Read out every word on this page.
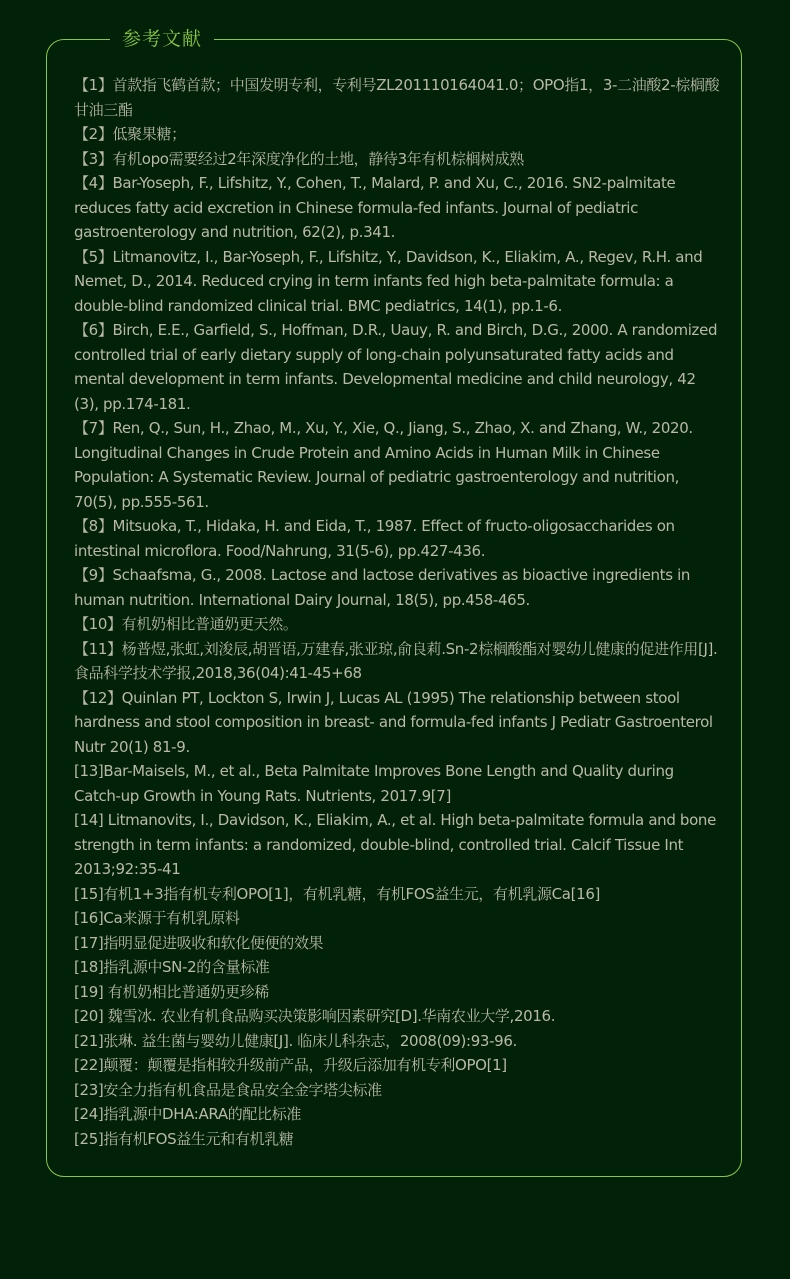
参考文献
【1】首款指飞鹤首款；中国发明专利，专利号ZL201110164041.0；OPO指1，3-二油酸2-棕榈酸甘油三酯
【2】低聚果糖；
【3】有机opo需要经过2年深度净化的土地，静待3年有机棕榈树成熟
【4】Bar-Yoseph, F., Lifshitz, Y., Cohen, T., Malard, P. and Xu, C., 2016. SN2-palmitate reduces fatty acid excretion in Chinese formula-fed infants. Journal of pediatric gastroenterology and nutrition, 62(2), p.341.
【5】Litmanovitz, I., Bar-Yoseph, F., Lifshitz, Y., Davidson, K., Eliakim, A., Regev, R.H. and Nemet, D., 2014. Reduced crying in term infants fed high beta-palmitate formula: a double-blind randomized clinical trial. BMC pediatrics, 14(1), pp.1-6.
【6】Birch, E.E., Garfield, S., Hoffman, D.R., Uauy, R. and Birch, D.G., 2000. A randomized controlled trial of early dietary supply of long-chain polyunsaturated fatty acids and mental development in term infants. Developmental medicine and child neurology, 42 (3), pp.174-181.
【7】Ren, Q., Sun, H., Zhao, M., Xu, Y., Xie, Q., Jiang, S., Zhao, X. and Zhang, W., 2020. Longitudinal Changes in Crude Protein and Amino Acids in Human Milk in Chinese Population: A Systematic Review. Journal of pediatric gastroenterology and nutrition, 70(5), pp.555-561.
【8】Mitsuoka, T., Hidaka, H. and Eida, T., 1987. Effect of fructo‐oligosaccharides on intestinal microflora. Food/Nahrung, 31(5‐6), pp.427-436.
【9】Schaafsma, G., 2008. Lactose and lactose derivatives as bioactive ingredients in human nutrition. International Dairy Journal, 18(5), pp.458-465.
【10】有机奶相比普通奶更天然。
【11】杨普煜,张虹,刘浚辰,胡晋语,万建春,张亚琼,俞良莉.Sn-2棕榈酸酯对婴幼儿健康的促进作用[J].食品科学技术学报,2018,36(04):41-45+68
【12】Quinlan PT, Lockton S, Irwin J, Lucas AL (1995) The relationship between stool hardness and stool composition in breast- and formula-fed infants J Pediatr Gastroenterol Nutr 20(1) 81-9.
[13]Bar-Maisels, M., et al., Beta Palmitate Improves Bone Length and Quality during Catch-up Growth in Young Rats. Nutrients, 2017.9[7]
[14] Litmanovits, I., Davidson, K., Eliakim, A., et al. High beta-palmitate formula and bone strength in term infants: a randomized, double-blind, controlled trial. Calcif Tissue Int 2013;92:35-41
[15]有机1+3指有机专利OPO[1]，有机乳糖，有机FOS益生元，有机乳源Ca[16]
[16]Ca来源于有机乳原料
[17]指明显促进吸收和软化便便的效果
[18]指乳源中SN-2的含量标准
[19] 有机奶相比普通奶更珍稀
[20] 魏雪冰. 农业有机食品购买决策影响因素研究[D].华南农业大学,2016.
[21]张琳. 益生菌与婴幼儿健康[J]. 临床儿科杂志，2008(09):93-96.
[22]颠覆：颠覆是指相较升级前产品，升级后添加有机专利OPO[1]
[23]安全力指有机食品是食品安全金字塔尖标准
[24]指乳源中DHA:ARA的配比标准
[25]指有机FOS益生元和有机乳糖
